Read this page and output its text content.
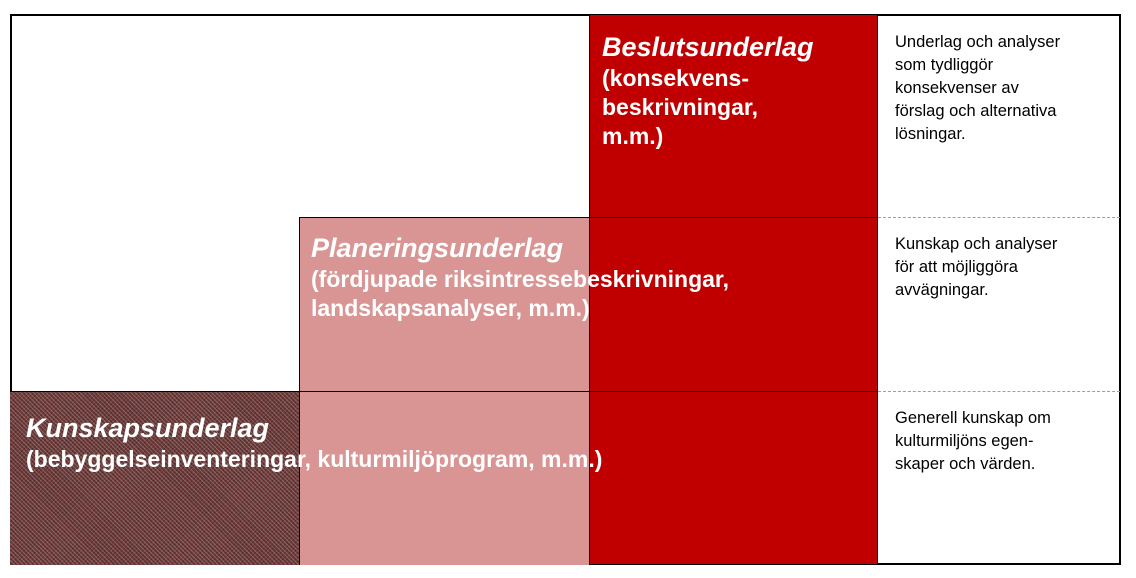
Beslutsunderlag
(konsekvens-
beskrivningar,
m.m.)
Planeringsunderlag
(fördjupade riksintressebeskrivningar,
landskapsanalyser, m.m.)
Kunskapsunderlag
(bebyggelseinventeringar, kulturmiljöprogram, m.m.)
Underlag och analyser
som tydliggör
konsekvenser av
förslag och alternativa
lösningar.
Kunskap och analyser
för att möjliggöra
avvägningar.
Generell kunskap om
kulturmiljöns egen-
skaper och värden.
